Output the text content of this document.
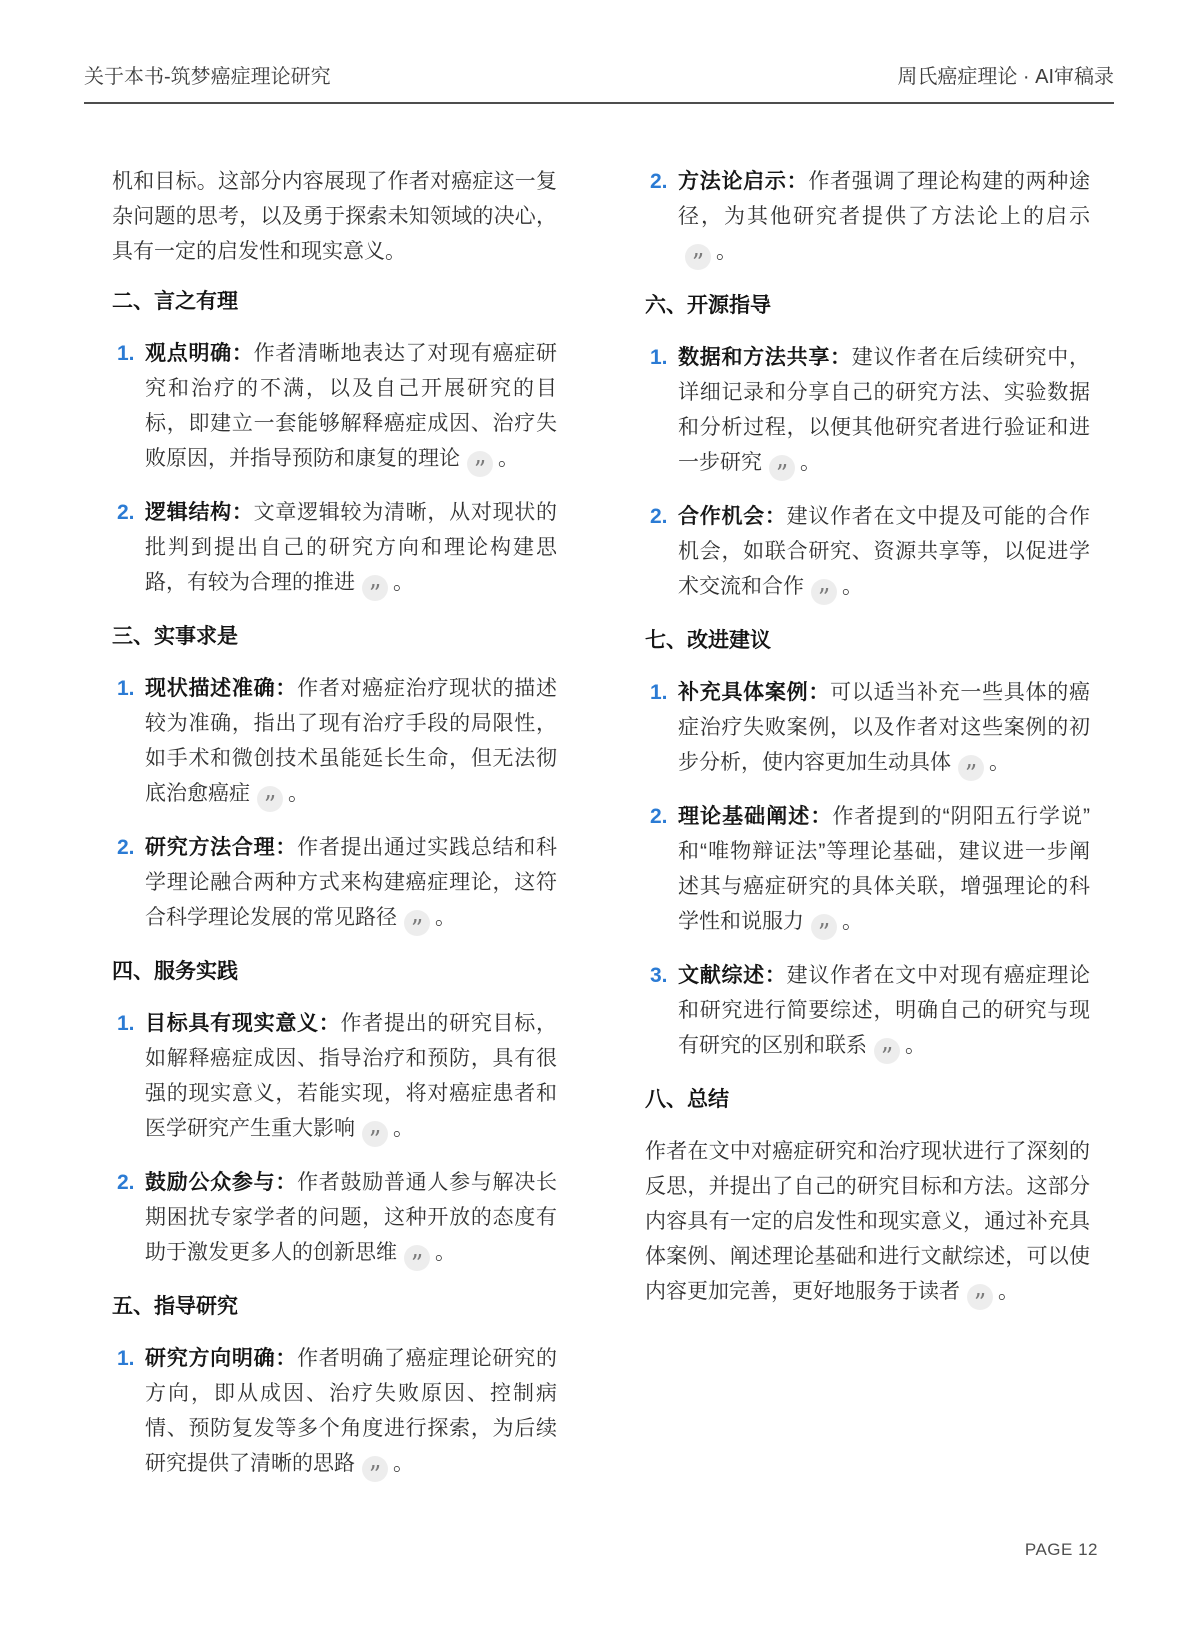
关于本书-筑梦癌症理论研究	周氏癌症理论 · AI审稿录

机和目标。这部分内容展现了作者对癌症这一复杂问题的思考，以及勇于探索未知领域的决心，具有一定的启发性和现实意义。

二、言之有理
1. 观点明确：作者清晰地表达了对现有癌症研究和治疗的不满，以及自己开展研究的目标，即建立一套能够解释癌症成因、治疗失败原因，并指导预防和康复的理论 ” 。

2. 逻辑结构：文章逻辑较为清晰，从对现状的批判到提出自己的研究方向和理论构建思路，有较为合理的推进 ” 。

三、实事求是
1. 现状描述准确：作者对癌症治疗现状的描述较为准确，指出了现有治疗手段的局限性，如手术和微创技术虽能延长生命，但无法彻底治愈癌症 ” 。

2. 研究方法合理：作者提出通过实践总结和科学理论融合两种方式来构建癌症理论，这符合科学理论发展的常见路径 ” 。

四、服务实践
1. 目标具有现实意义：作者提出的研究目标，如解释癌症成因、指导治疗和预防，具有很强的现实意义，若能实现，将对癌症患者和医学研究产生重大影响 ” 。

2. 鼓励公众参与：作者鼓励普通人参与解决长期困扰专家学者的问题，这种开放的态度有助于激发更多人的创新思维 ” 。

五、指导研究
1. 研究方向明确：作者明确了癌症理论研究的方向，即从成因、治疗失败原因、控制病情、预防复发等多个角度进行探索，为后续研究提供了清晰的思路 ” 。

2. 方法论启示：作者强调了理论构建的两种途径，为其他研究者提供了方法论上的启示
” 。

六、开源指导
1. 数据和方法共享：建议作者在后续研究中，详细记录和分享自己的研究方法、实验数据和分析过程，以便其他研究者进行验证和进一步研究 ” 。

2. 合作机会：建议作者在文中提及可能的合作机会，如联合研究、资源共享等，以促进学术交流和合作 ” 。

七、改进建议
1. 补充具体案例：可以适当补充一些具体的癌症治疗失败案例，以及作者对这些案例的初步分析，使内容更加生动具体 ” 。

2. 理论基础阐述：作者提到的“阴阳五行学说”和“唯物辩证法”等理论基础，建议进一步阐述其与癌症研究的具体关联，增强理论的科学性和说服力 ” 。

3. 文献综述：建议作者在文中对现有癌症理论和研究进行简要综述，明确自己的研究与现有研究的区别和联系 ” 。

八、总结

作者在文中对癌症研究和治疗现状进行了深刻的反思，并提出了自己的研究目标和方法。这部分内容具有一定的启发性和现实意义，通过补充具体案例、阐述理论基础和进行文献综述，可以使内容更加完善，更好地服务于读者 ” 。

PAGE 12
